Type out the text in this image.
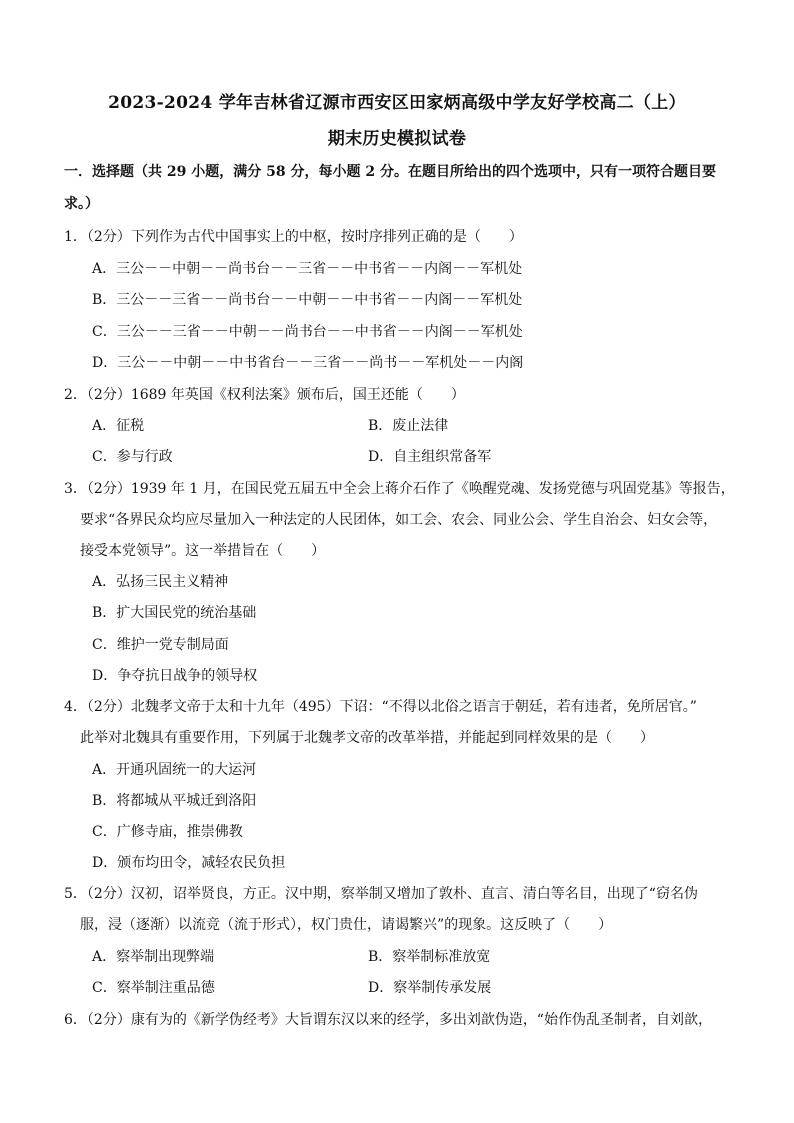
2023-2024 学年吉林省辽源市西安区田家炳高级中学友好学校高二（上）
期末历史模拟试卷
一．选择题（共 29 小题，满分 58 分，每小题 2 分。在题目所给出的四个选项中，只有一项符合题目要
求。）
1．（2分）下列作为古代中国事实上的中枢，按时序排列正确的是（ ）
A．三公－－中朝－－尚书台－－三省－－中书省－－内阁－－军机处
B．三公－－三省－－尚书台－－中朝－－中书省－－内阁－－军机处
C．三公－－三省－－中朝－－尚书台－－中书省－－内阁－－军机处
D．三公－－中朝－－中书省台－－三省－－尚书－－军机处－－内阁
2．（2分）1689 年英国《权利法案》颁布后，国王还能（ ）
A．征税	B．废止法律
C．参与行政	D．自主组织常备军
3．（2分）1939 年 1 月，在国民党五届五中全会上蒋介石作了《唤醒党魂、发扬党德与巩固党基》等报告，
要求“各界民众均应尽量加入一种法定的人民团体，如工会、农会、同业公会、学生自治会、妇女会等，
接受本党领导”。这一举措旨在（ ）
A．弘扬三民主义精神
B．扩大国民党的统治基础
C．维护一党专制局面
D．争夺抗日战争的领导权
4．（2分）北魏孝文帝于太和十九年（495）下诏：“不得以北俗之语言于朝廷，若有违者，免所居官。”
此举对北魏具有重要作用，下列属于北魏孝文帝的改革举措，并能起到同样效果的是（ ）
A．开通巩固统一的大运河
B．将都城从平城迁到洛阳
C．广修寺庙，推崇佛教
D．颁布均田令，减轻农民负担
5．（2分）汉初，诏举贤良，方正。汉中期，察举制又增加了敦朴、直言、清白等名目，出现了“窃名伪
服，浸（逐渐）以流竞（流于形式），权门贵仕，请谒繁兴”的现象。这反映了（ ）
A．察举制出现弊端	B．察举制标准放宽
C．察举制注重品德	D．察举制传承发展
6．（2分）康有为的《新学伪经考》大旨谓东汉以来的经学，多出刘歆伪造，“始作伪乱圣制者，自刘歆，
